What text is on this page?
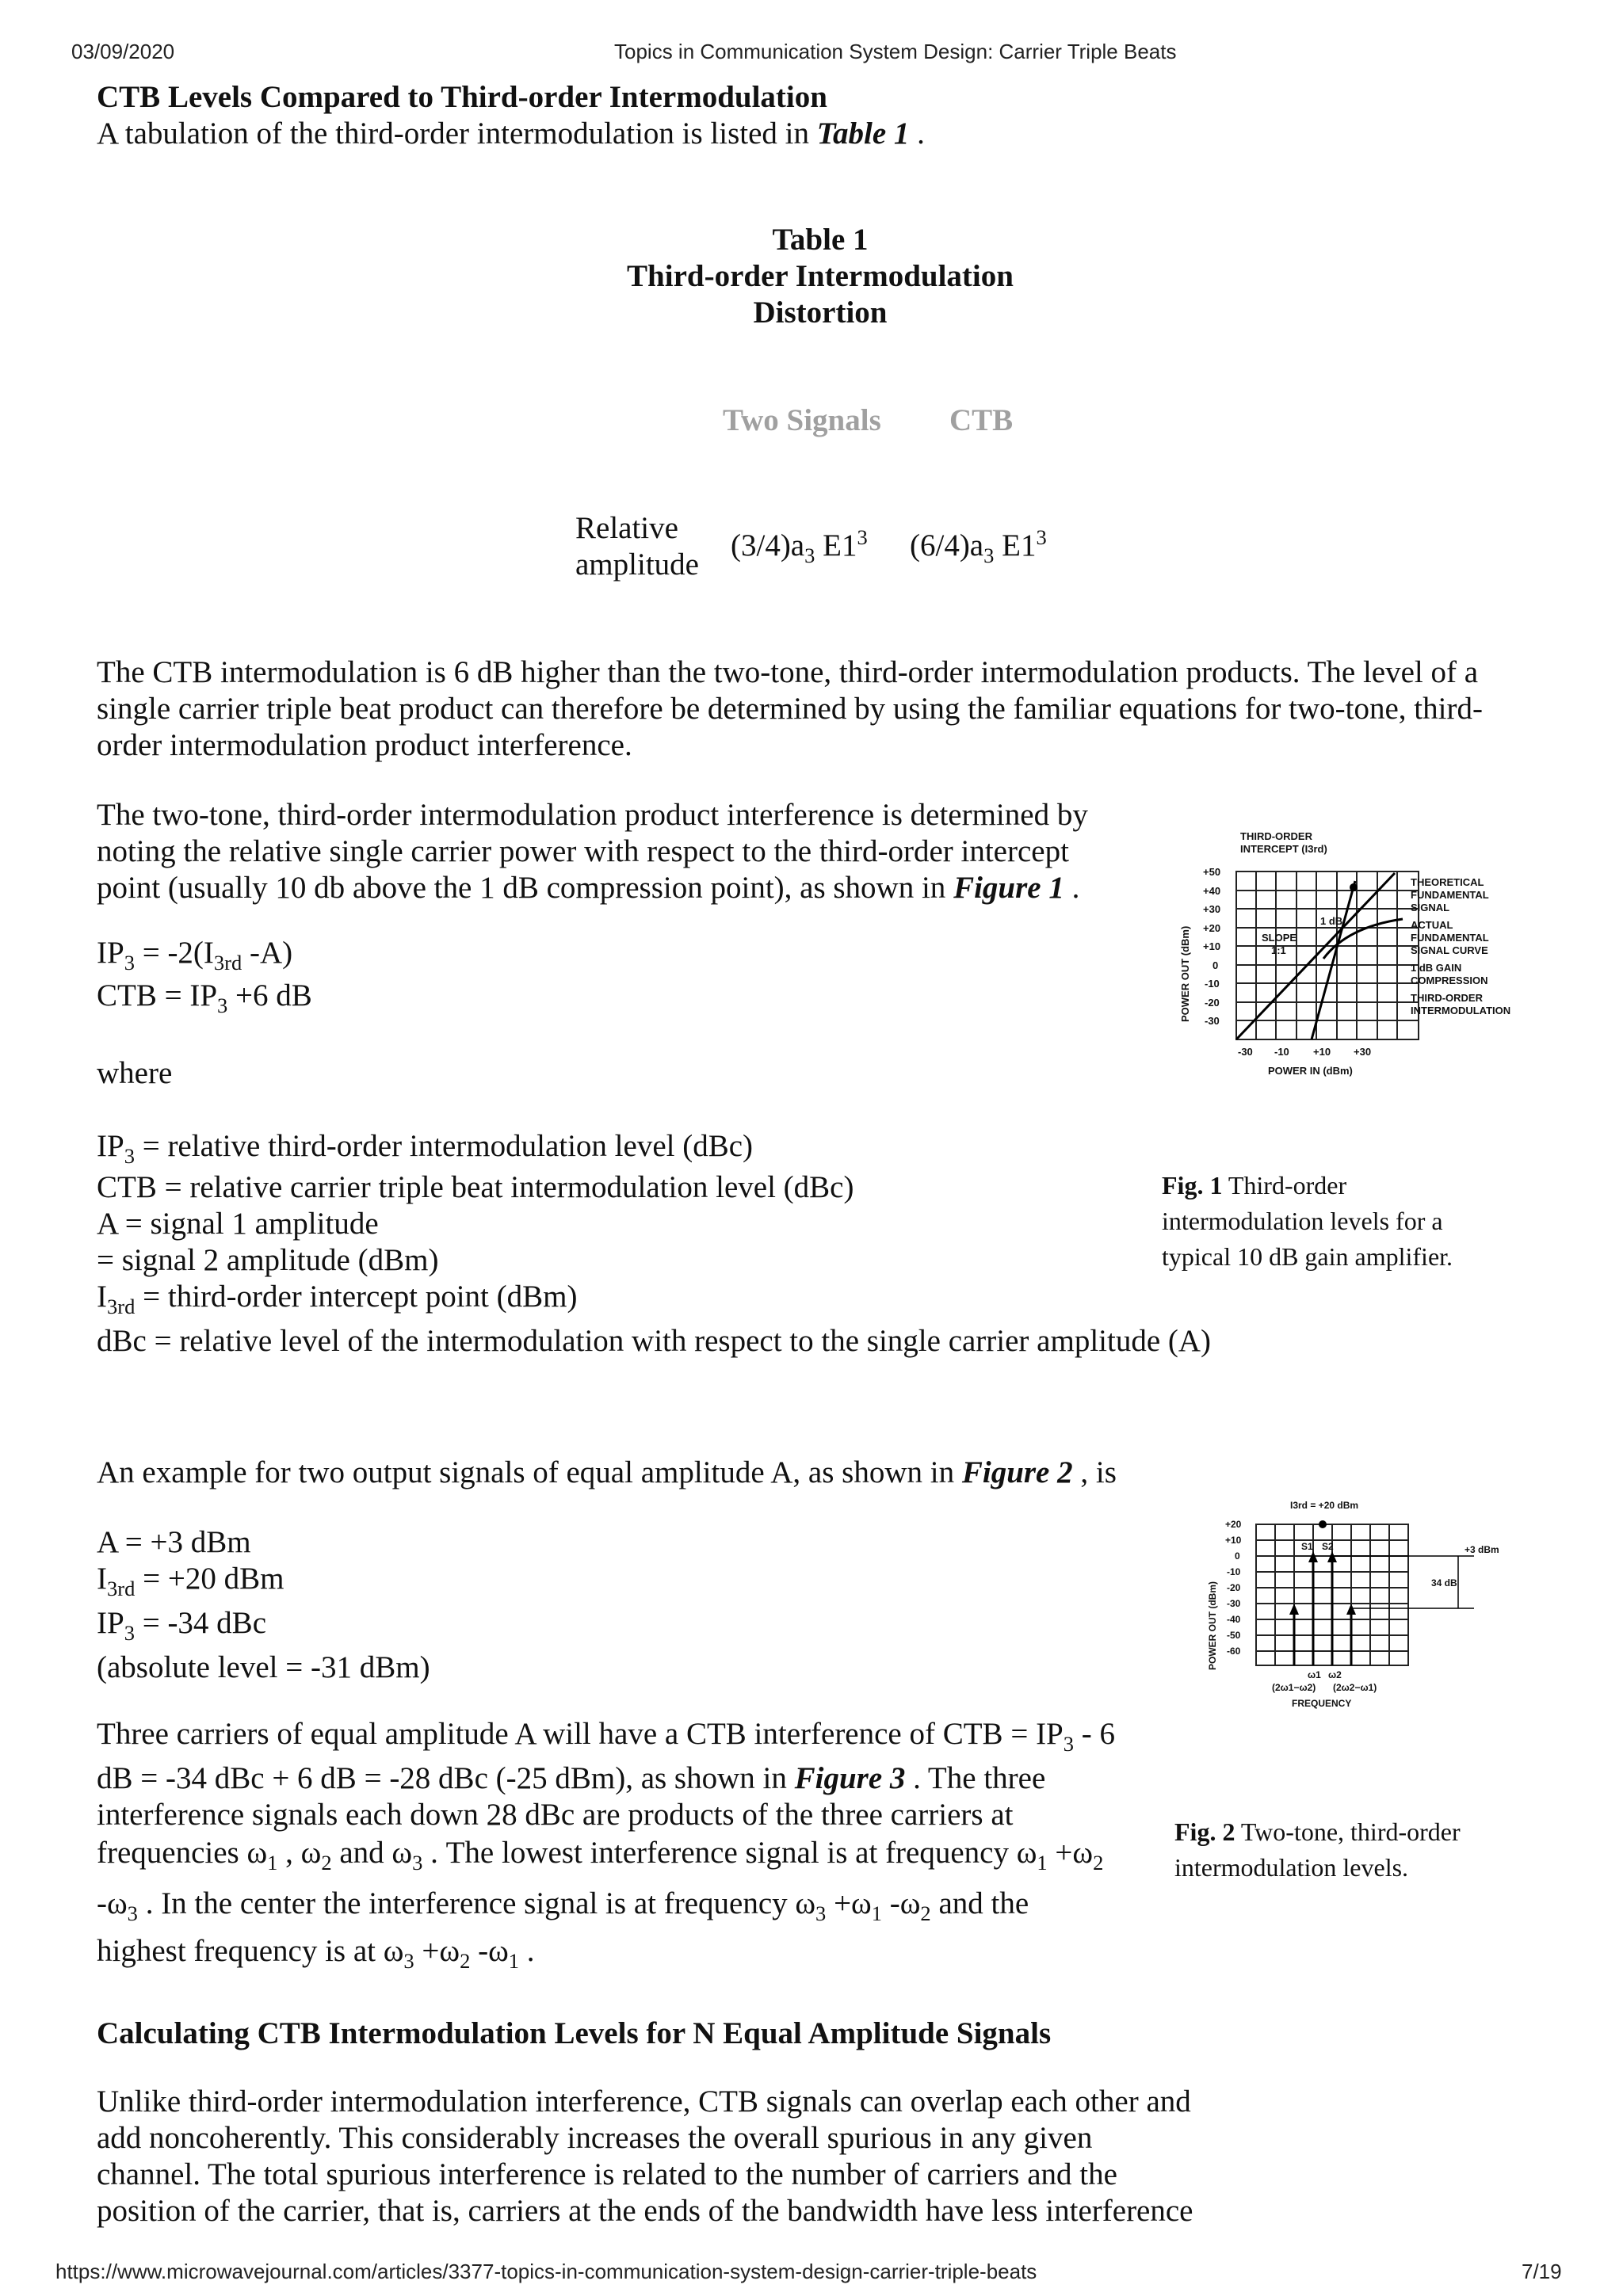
03/09/2020	Topics in Communication System Design: Carrier Triple Beats
CTB Levels Compared to Third-order Intermodulation
A tabulation of the third-order intermodulation is listed in Table 1 .
Table 1
Third-order Intermodulation
Distortion
Two Signals CTB
Relative
amplitude
$(3/4)a_3$ $E1^3$ $(6/4)a_3$ $E1^3$
The CTB intermodulation is 6 dB higher than the two-tone, third-order intermodulation products. The level of a
single carrier triple beat product can therefore be determined by using the familiar equations for two-tone, third-
order intermodulation product interference.
The two-tone, third-order intermodulation product interference is determined by
noting the relative single carrier power with respect to the third-order intercept
point (usually 10 db above the 1 dB compression point), as shown in Figure 1 .
$IP_3 = -2(I_{3rd}$ -A)
CTB = $IP_3 +6$ dB
where
$IP_3$ = relative third-order intermodulation level (dBc)
CTB = relative carrier triple beat intermodulation level (dBc)
A = signal 1 amplitude
= signal 2 amplitude (dBm)
$I_{3rd}$ = third-order intercept point (dBm)
dBc = relative level of the intermodulation with respect to the single carrier amplitude (A)
THIRD-ORDER
INTERCEPT (I3rd)
THEORETICAL
FUNDAMENTAL
SIGNAL
ACTUAL
FUNDAMENTAL
SIGNAL CURVE
1 dB GAIN
COMPRESSION
THIRD-ORDER
INTERMODULATION
1 dB
SLOPE
1:1
+50
+40
+30
+20
+10
0
-10
-20
-30
-30 -10 +10 +30
POWER IN (dBm)
POWER OUT (dBm)
Fig. 1 Third-order
intermodulation levels for a
typical 10 dB gain amplifier.
An example for two output signals of equal amplitude A, as shown in Figure 2 , is
A = +3 dBm
$I_{3rd} = +20$ dBm
$IP_3 = -34$ dBc
(absolute level = -31 dBm)
I3rd = +20 dBm
+3 dBm
34 dB
S1 S2
ω1 ω2
(2ω1−ω2) (2ω2−ω1)
FREQUENCY
+20
+10
0
-10
-20
-30
-40
-50
-60
POWER OUT (dBm)
Fig. 2 Two-tone, third-order
intermodulation levels.
Three carriers of equal amplitude A will have a CTB interference of CTB = $IP_3 - 6$
dB = -34 dBc + 6 dB = -28 dBc (-25 dBm), as shown in Figure 3 . The three
interference signals each down 28 dBc are products of the three carriers at
frequencies $\omega_1$ , $\omega_2$ and $\omega_3$ . The lowest interference signal is at frequency $\omega_1 +\omega_2$
$-\omega_3$ . In the center the interference signal is at frequency $\omega_3 +\omega_1$ $-\omega_2$ and the
highest frequency is at $\omega_3 +\omega_2$ $-\omega_1$ .
Calculating CTB Intermodulation Levels for N Equal Amplitude Signals
Unlike third-order intermodulation interference, CTB signals can overlap each other and
add noncoherently. This considerably increases the overall spurious in any given
channel. The total spurious interference is related to the number of carriers and the
position of the carrier, that is, carriers at the ends of the bandwidth have less interference
https://www.microwavejournal.com/articles/3377-topics-in-communication-system-design-carrier-triple-beats	7/19
